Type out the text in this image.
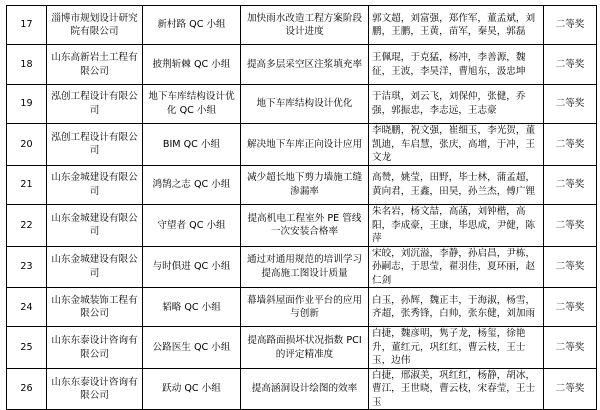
17	淄博市规划设计研究院有限公司	新村路 QC 小组	加快雨水改造工程方案阶段设计进度	郭文超，刘富强，郑作军，董孟斌，刘鹏，王鹏，王黄，苗军，秦昊，郭磊	二等奖
18	山东高新岩土工程有限公司	披荆斩棘 QC 小组	提高多层采空区注浆填充率	王佩琨，于克猛，杨冲，李善源，魏征，王波，李昊洋，曹旭东，汲忠坤	二等奖
19	泓创工程设计有限公司	地下车库结构设计优化 QC 小组	地下车库结构设计优化	于洁琪，刘云飞，刘保仲，张健，乔强，郭振忠，李志远，王志豪	二等奖
20	泓创工程设计有限公司	BIM QC 小组	解决地下车库正向设计应用	李晓鹏，祝文强，崔细玉，李光贺，董凯迪，车启慧，张庆，高增，于冲，王文龙	二等奖
21	山东金城建设有限公司	鸿鹄之志 QC 小组	减少超长地下剪力墙施工缝渗漏率	高赞，姚莹，田野，毕士林，蒲孟超，黄向君，王鑫，田昊，孙兰杰，傅广锂	二等奖
22	山东金城建设有限公司	守望者 QC 小组	提高机电工程室外 PE 管线一次安装合格率	朱名岩，杨文喆，高菡，刘钟楷，高阳，李成豪，王康，毕思成，尹健，陈萍	二等奖
23	山东金城建设有限公司	与时俱进 QC 小组	通过对通用规范的培训学习提高施工图设计质量	宋皎，刘沉溢，李静，孙启昌，尹栋，孙嗣志，于思莹，翟羽佳，夏环丽，赵仁剑	二等奖
24	山东金城装饰工程有限公司	韬略 QC 小组	幕墙斜屋面作业平台的应用与创新	白玉，孙辉，魏正丰，于海淑，杨雪，齐超，张秀锋，白帅，张东健，刘加雨	二等奖
25	山东东泰设计咨询有限公司	公路医生 QC 小组	提高路面损坏状况指数 PCI 的评定精准度	白捷，魏彦明，隽子龙，杨玺，徐艳升，董红元，巩红红，曹云枝，王士玉，边伟	二等奖
26	山东东泰设计咨询有限公司	跃动 QC 小组	提高涵洞设计绘图的效率	白捷，邢淑美，巩红红，杨静，胡冰，曹江，王世晓，曹云枝，宋春莹，王士玉	二等奖
